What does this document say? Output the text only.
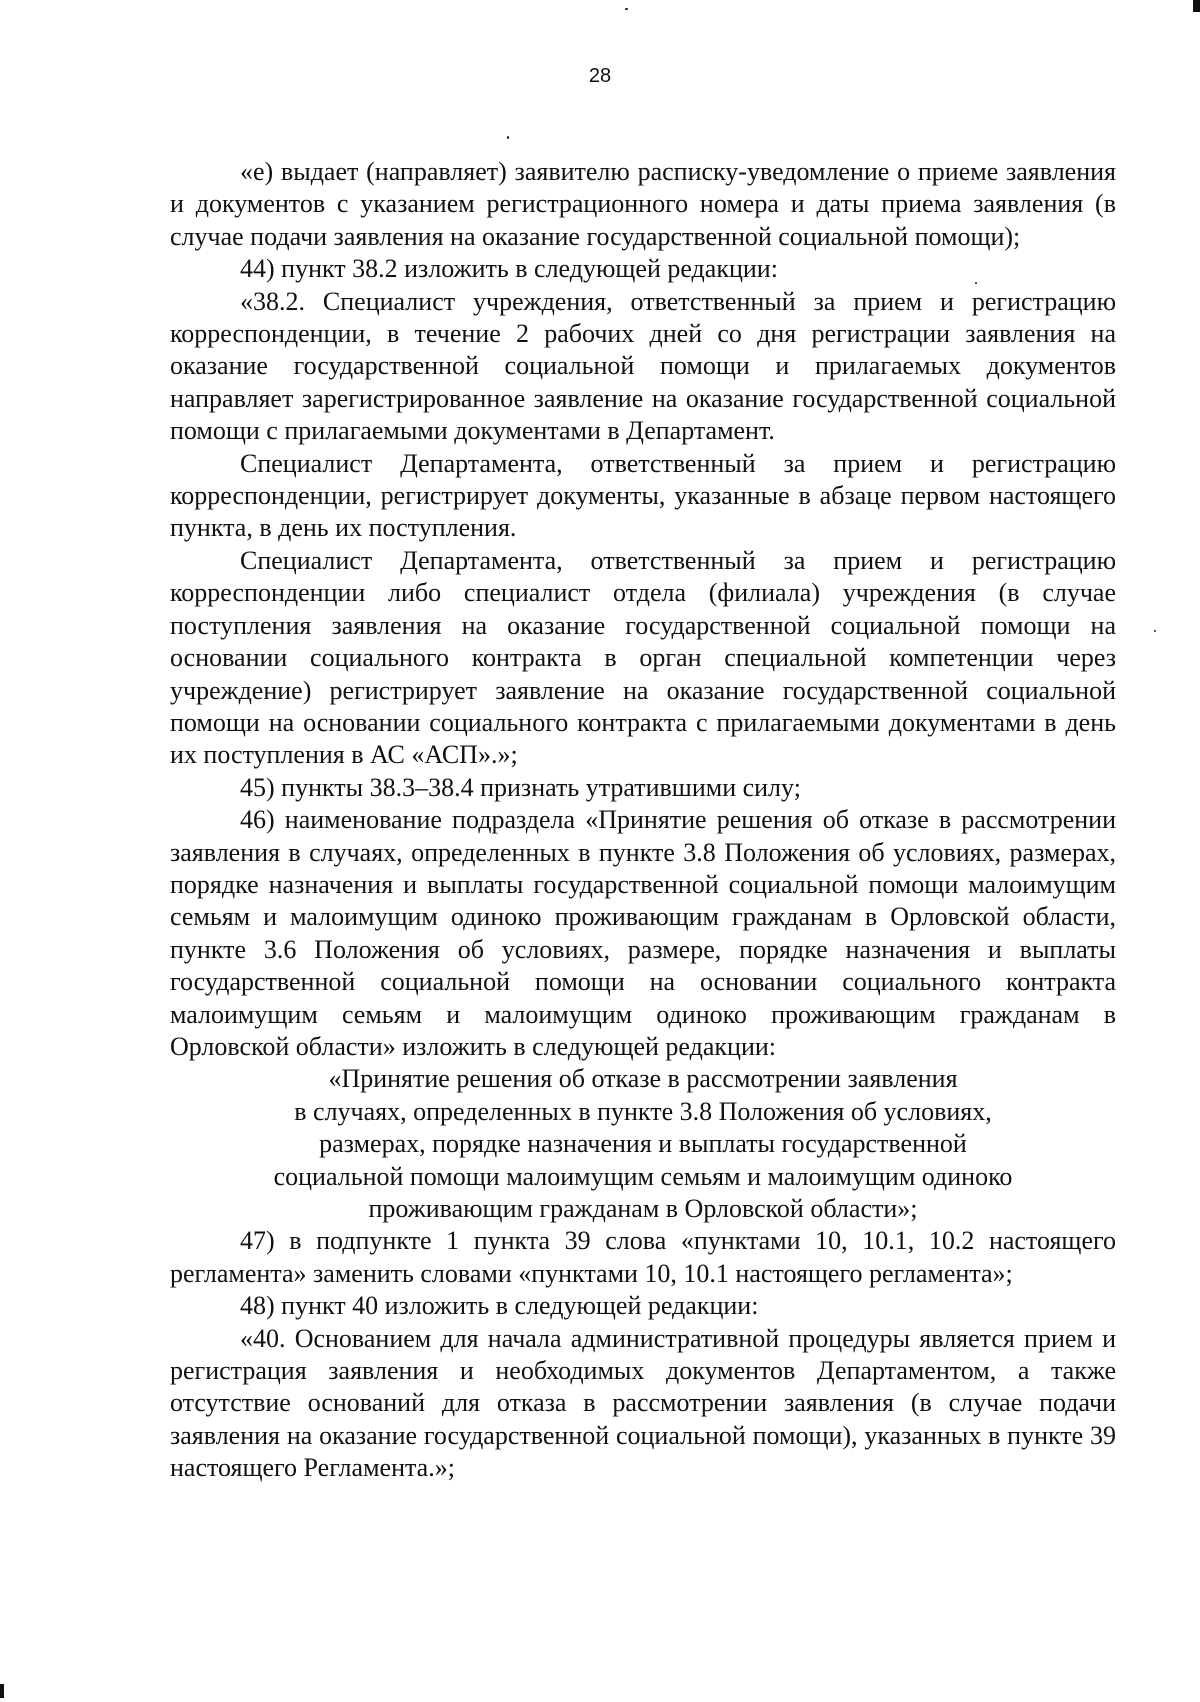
28

«е) выдает (направляет) заявителю расписку-уведомление о приеме заявления и документов с указанием регистрационного номера и даты приема заявления (в случае подачи заявления на оказание государственной социальной помощи);

44) пункт 38.2 изложить в следующей редакции:

«38.2. Специалист учреждения, ответственный за прием и регистрацию корреспонденции, в течение 2 рабочих дней со дня регистрации заявления на оказание государственной социальной помощи и прилагаемых документов направляет зарегистрированное заявление на оказание государственной социальной помощи с прилагаемыми документами в Департамент.

Специалист Департамента, ответственный за прием и регистрацию корреспонденции, регистрирует документы, указанные в абзаце первом настоящего пункта, в день их поступления.

Специалист Департамента, ответственный за прием и регистрацию корреспонденции либо специалист отдела (филиала) учреждения (в случае поступления заявления на оказание государственной социальной помощи на основании социального контракта в орган специальной компетенции через учреждение) регистрирует заявление на оказание государственной социальной помощи на основании социального контракта с прилагаемыми документами в день их поступления в АС «АСП».»;

45) пункты 38.3–38.4 признать утратившими силу;

46) наименование подраздела «Принятие решения об отказе в рассмотрении заявления в случаях, определенных в пункте 3.8 Положения об условиях, размерах, порядке назначения и выплаты государственной социальной помощи малоимущим семьям и малоимущим одиноко проживающим гражданам в Орловской области, пункте 3.6 Положения об условиях, размере, порядке назначения и выплаты государственной социальной помощи на основании социального контракта малоимущим семьям и малоимущим одиноко проживающим гражданам в Орловской области» изложить в следующей редакции:

«Принятие решения об отказе в рассмотрении заявления

в случаях, определенных в пункте 3.8 Положения об условиях,

размерах, порядке назначения и выплаты государственной

социальной помощи малоимущим семьям и малоимущим одиноко

проживающим гражданам в Орловской области»;

47) в подпункте 1 пункта 39 слова «пунктами 10, 10.1, 10.2 настоящего регламента» заменить словами «пунктами 10, 10.1 настоящего регламента»;

48) пункт 40 изложить в следующей редакции:

«40. Основанием для начала административной процедуры является прием и регистрация заявления и необходимых документов Департаментом, а также отсутствие оснований для отказа в рассмотрении заявления (в случае подачи заявления на оказание государственной социальной помощи), указанных в пункте 39 настоящего Регламента.»;
